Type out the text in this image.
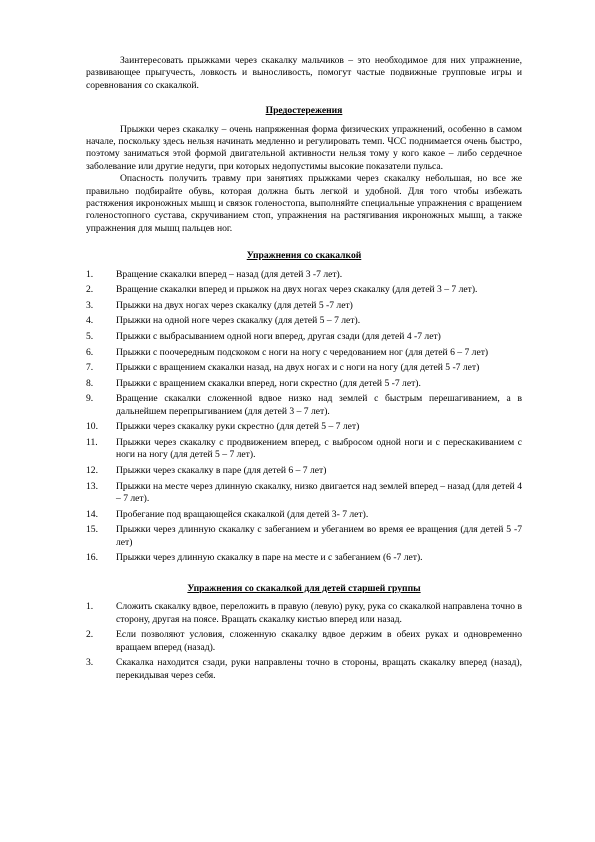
Заинтересовать прыжками через скакалку мальчиков – это необходимое для них упражнение, развивающее прыгучесть, ловкость и выносливость, помогут частые подвижные групповые игры и соревнования со скакалкой.

Предостережения

Прыжки через скакалку – очень напряженная форма физических упражнений, особенно в самом начале, поскольку здесь нельзя начинать медленно и регулировать темп. ЧСС поднимается очень быстро, поэтому заниматься этой формой двигательной активности нельзя тому у кого какое – либо сердечное заболевание или другие недуги, при которых недопустимы высокие показатели пульса.

Опасность получить травму при занятиях прыжками через скакалку небольшая, но все же правильно подбирайте обувь, которая должна быть легкой и удобной. Для того чтобы избежать растяжения икроножных мышц и связок голеностопа, выполняйте специальные упражнения с вращением голеностопного сустава, скручиванием стоп, упражнения на растягивания икроножных мышц, а также упражнения для мышц пальцев ног.

Упражнения со скакалкой
1. Вращение скакалки вперед – назад (для детей 3 -7 лет).
2. Вращение скакалки вперед и прыжок на двух ногах через скакалку (для детей 3 – 7 лет).
3. Прыжки на двух ногах через скакалку (для детей 5 -7 лет)
4. Прыжки на одной ноге через скакалку (для детей 5 – 7 лет).
5. Прыжки с выбрасыванием одной ноги вперед, другая сзади (для детей 4 -7 лет)
6. Прыжки с поочередным подскоком с ноги на ногу с чередованием ног (для детей 6 – 7 лет)
7. Прыжки с вращением скакалки назад, на двух ногах и с ноги на ногу (для детей 5 -7 лет)
8. Прыжки с вращением скакалки вперед, ноги скрестно (для детей 5 -7 лет).
9. Вращение скакалки сложенной вдвое низко над землей с быстрым перешагиванием, а в дальнейшем перепрыгиванием (для детей 3 – 7 лет).
10. Прыжки через скакалку руки скрестно (для детей 5 – 7 лет)
11. Прыжки через скакалку с продвижением вперед, с выбросом одной ноги и с перескакиванием с ноги на ногу (для детей 5 – 7 лет).
12. Прыжки через скакалку в паре (для детей 6 – 7 лет)
13. Прыжки на месте через длинную скакалку, низко двигается над землей вперед – назад (для детей 4 – 7 лет).
14. Пробегание под вращающейся скакалкой (для детей 3- 7 лет).
15. Прыжки через длинную скакалку с забеганием и убеганием во время ее вращения (для детей 5 -7 лет)
16. Прыжки через длинную скакалку в паре на месте и с забеганием (6 -7 лет).
Упражнения со скакалкой для детей старшей группы
1. Сложить скакалку вдвое, переложить в правую (левую) руку, рука со скакалкой направлена точно в сторону, другая на поясе. Вращать скакалку кистью вперед или назад.
2. Если позволяют условия, сложенную скакалку вдвое держим в обеих руках и одновременно вращаем вперед (назад).
3. Скакалка находится сзади, руки направлены точно в стороны, вращать скакалку вперед (назад), перекидывая через себя.
